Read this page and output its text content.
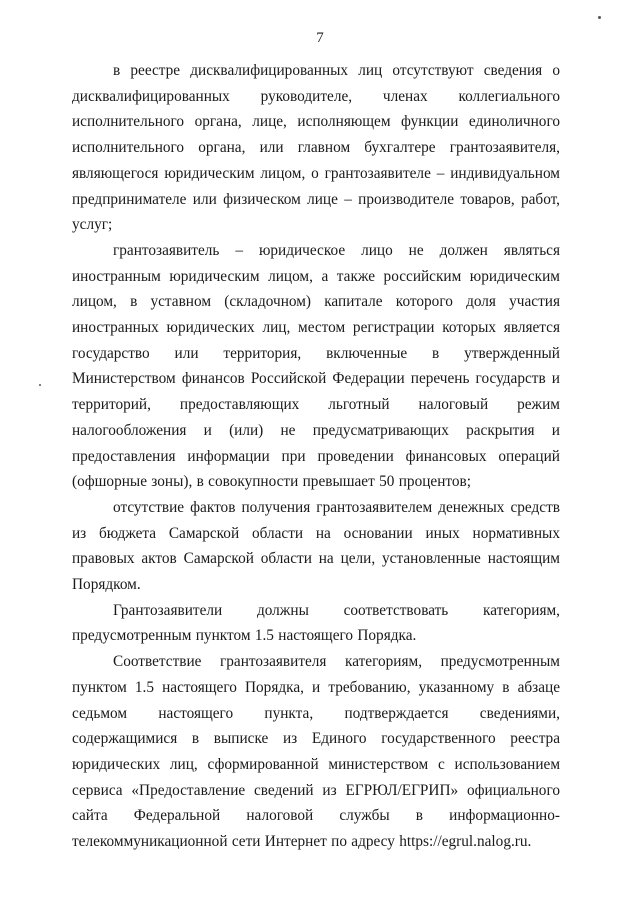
7

в реестре дисквалифицированных лиц отсутствуют сведения о дисквалифицированных руководителе, членах коллегиального исполнительного органа, лице, исполняющем функции единоличного исполнительного органа, или главном бухгалтере грантозаявителя, являющегося юридическим лицом, о грантозаявителе – индивидуальном предпринимателе или физическом лице – производителе товаров, работ, услуг;

грантозаявитель – юридическое лицо не должен являться иностранным юридическим лицом, а также российским юридическим лицом, в уставном (складочном) капитале которого доля участия иностранных юридических лиц, местом регистрации которых является государство или территория, включенные в утвержденный Министерством финансов Российской Федерации перечень государств и территорий, предоставляющих льготный налоговый режим налогообложения и (или) не предусматривающих раскрытия и предоставления информации при проведении финансовых операций (офшорные зоны), в совокупности превышает 50 процентов;

отсутствие фактов получения грантозаявителем денежных средств из бюджета Самарской области на основании иных нормативных правовых актов Самарской области на цели, установленные настоящим Порядком.

Грантозаявители должны соответствовать категориям, предусмотренным пунктом 1.5 настоящего Порядка.

Соответствие грантозаявителя категориям, предусмотренным пунктом 1.5 настоящего Порядка, и требованию, указанному в абзаце седьмом настоящего пункта, подтверждается сведениями, содержащимися в выписке из Единого государственного реестра юридических лиц, сформированной министерством с использованием сервиса «Предоставление сведений из ЕГРЮЛ/ЕГРИП» официального сайта Федеральной налоговой службы в информационно-телекоммуникационной сети Интернет по адресу https://egrul.nalog.ru.
